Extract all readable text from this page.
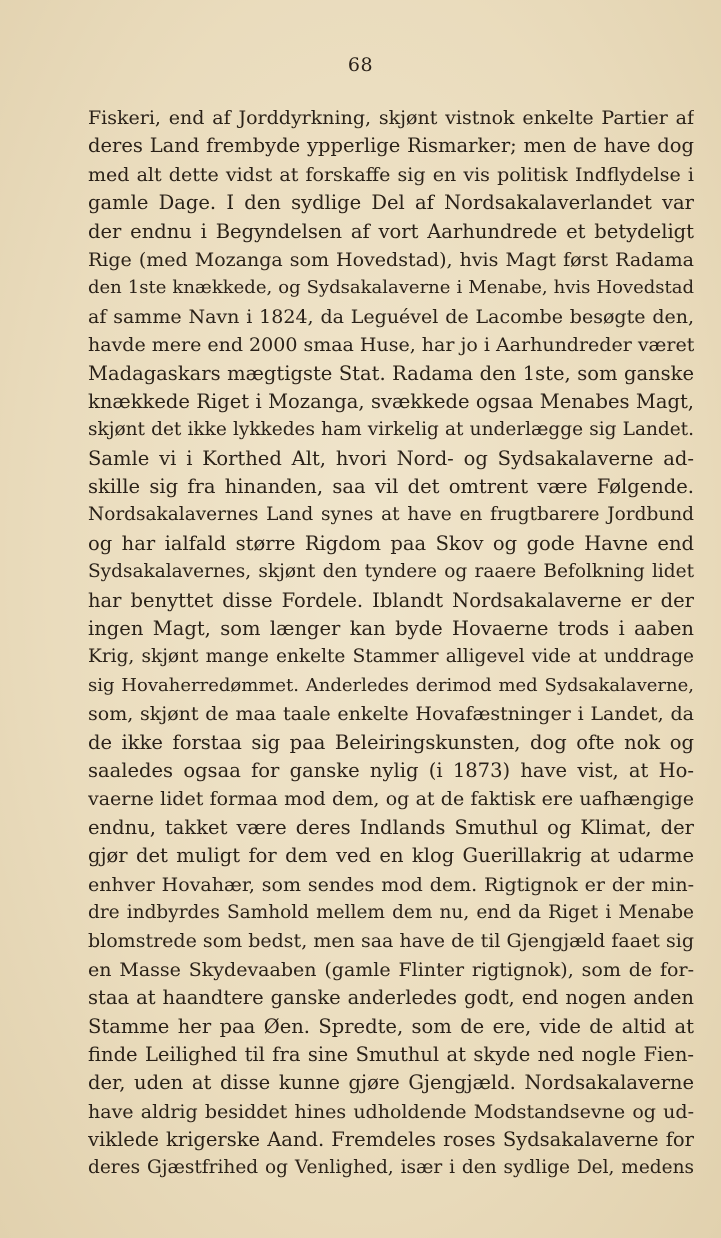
68
Fiskeri, end af Jorddyrkning, skjønt vistnok enkelte Partier af
deres Land frembyde ypperlige Rismarker; men de have dog
med alt dette vidst at forskaffe sig en vis politisk Indflydelse i
gamle Dage. I den sydlige Del af Nordsakalaverlandet var
der endnu i Begyndelsen af vort Aarhundrede et betydeligt
Rige (med Mozanga som Hovedstad), hvis Magt først Radama
den 1ste knækkede, og Sydsakalaverne i Menabe, hvis Hovedstad
af samme Navn i 1824, da Leguével de Lacombe besøgte den,
havde mere end 2000 smaa Huse, har jo i Aarhundreder været
Madagaskars mægtigste Stat. Radama den 1ste, som ganske
knækkede Riget i Mozanga, svækkede ogsaa Menabes Magt,
skjønt det ikke lykkedes ham virkelig at underlægge sig Landet.
Samle vi i Korthed Alt, hvori Nord- og Sydsakalaverne ad-
skille sig fra hinanden, saa vil det omtrent være Følgende.
Nordsakalavernes Land synes at have en frugtbarere Jordbund
og har ialfald større Rigdom paa Skov og gode Havne end
Sydsakalavernes, skjønt den tyndere og raaere Befolkning lidet
har benyttet disse Fordele. Iblandt Nordsakalaverne er der
ingen Magt, som længer kan byde Hovaerne trods i aaben
Krig, skjønt mange enkelte Stammer alligevel vide at unddrage
sig Hovaherredømmet. Anderledes derimod med Sydsakalaverne,
som, skjønt de maa taale enkelte Hovafæstninger i Landet, da
de ikke forstaa sig paa Beleiringskunsten, dog ofte nok og
saaledes ogsaa for ganske nylig (i 1873) have vist, at Ho-
vaerne lidet formaa mod dem, og at de faktisk ere uafhængige
endnu, takket være deres Indlands Smuthul og Klimat, der
gjør det muligt for dem ved en klog Guerillakrig at udarme
enhver Hovahær, som sendes mod dem. Rigtignok er der min-
dre indbyrdes Samhold mellem dem nu, end da Riget i Menabe
blomstrede som bedst, men saa have de til Gjengjæld faaet sig
en Masse Skydevaaben (gamle Flinter rigtignok), som de for-
staa at haandtere ganske anderledes godt, end nogen anden
Stamme her paa Øen. Spredte, som de ere, vide de altid at
finde Leilighed til fra sine Smuthul at skyde ned nogle Fien-
der, uden at disse kunne gjøre Gjengjæld. Nordsakalaverne
have aldrig besiddet hines udholdende Modstandsevne og ud-
viklede krigerske Aand. Fremdeles roses Sydsakalaverne for
deres Gjæstfrihed og Venlighed, især i den sydlige Del, medens
